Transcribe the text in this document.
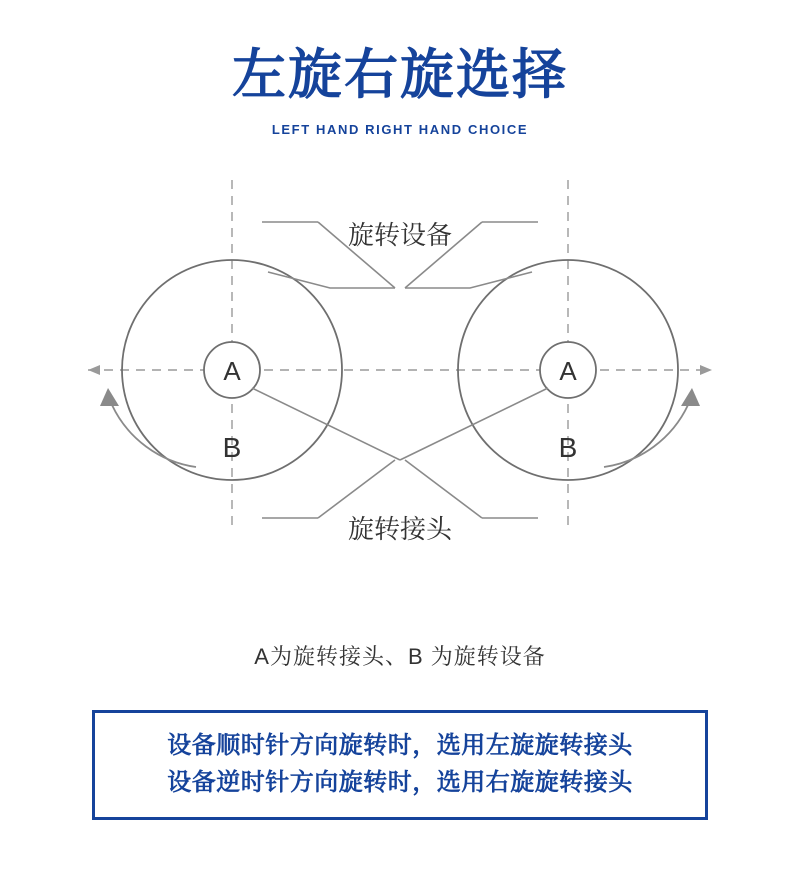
左旋右旋选择
LEFT HAND RIGHT HAND CHOICE
旋转设备
旋转接头
A
B
A
B
A为旋转接头、B 为旋转设备
设备顺时针方向旋转时，选用左旋旋转接头
设备逆时针方向旋转时，选用右旋旋转接头
